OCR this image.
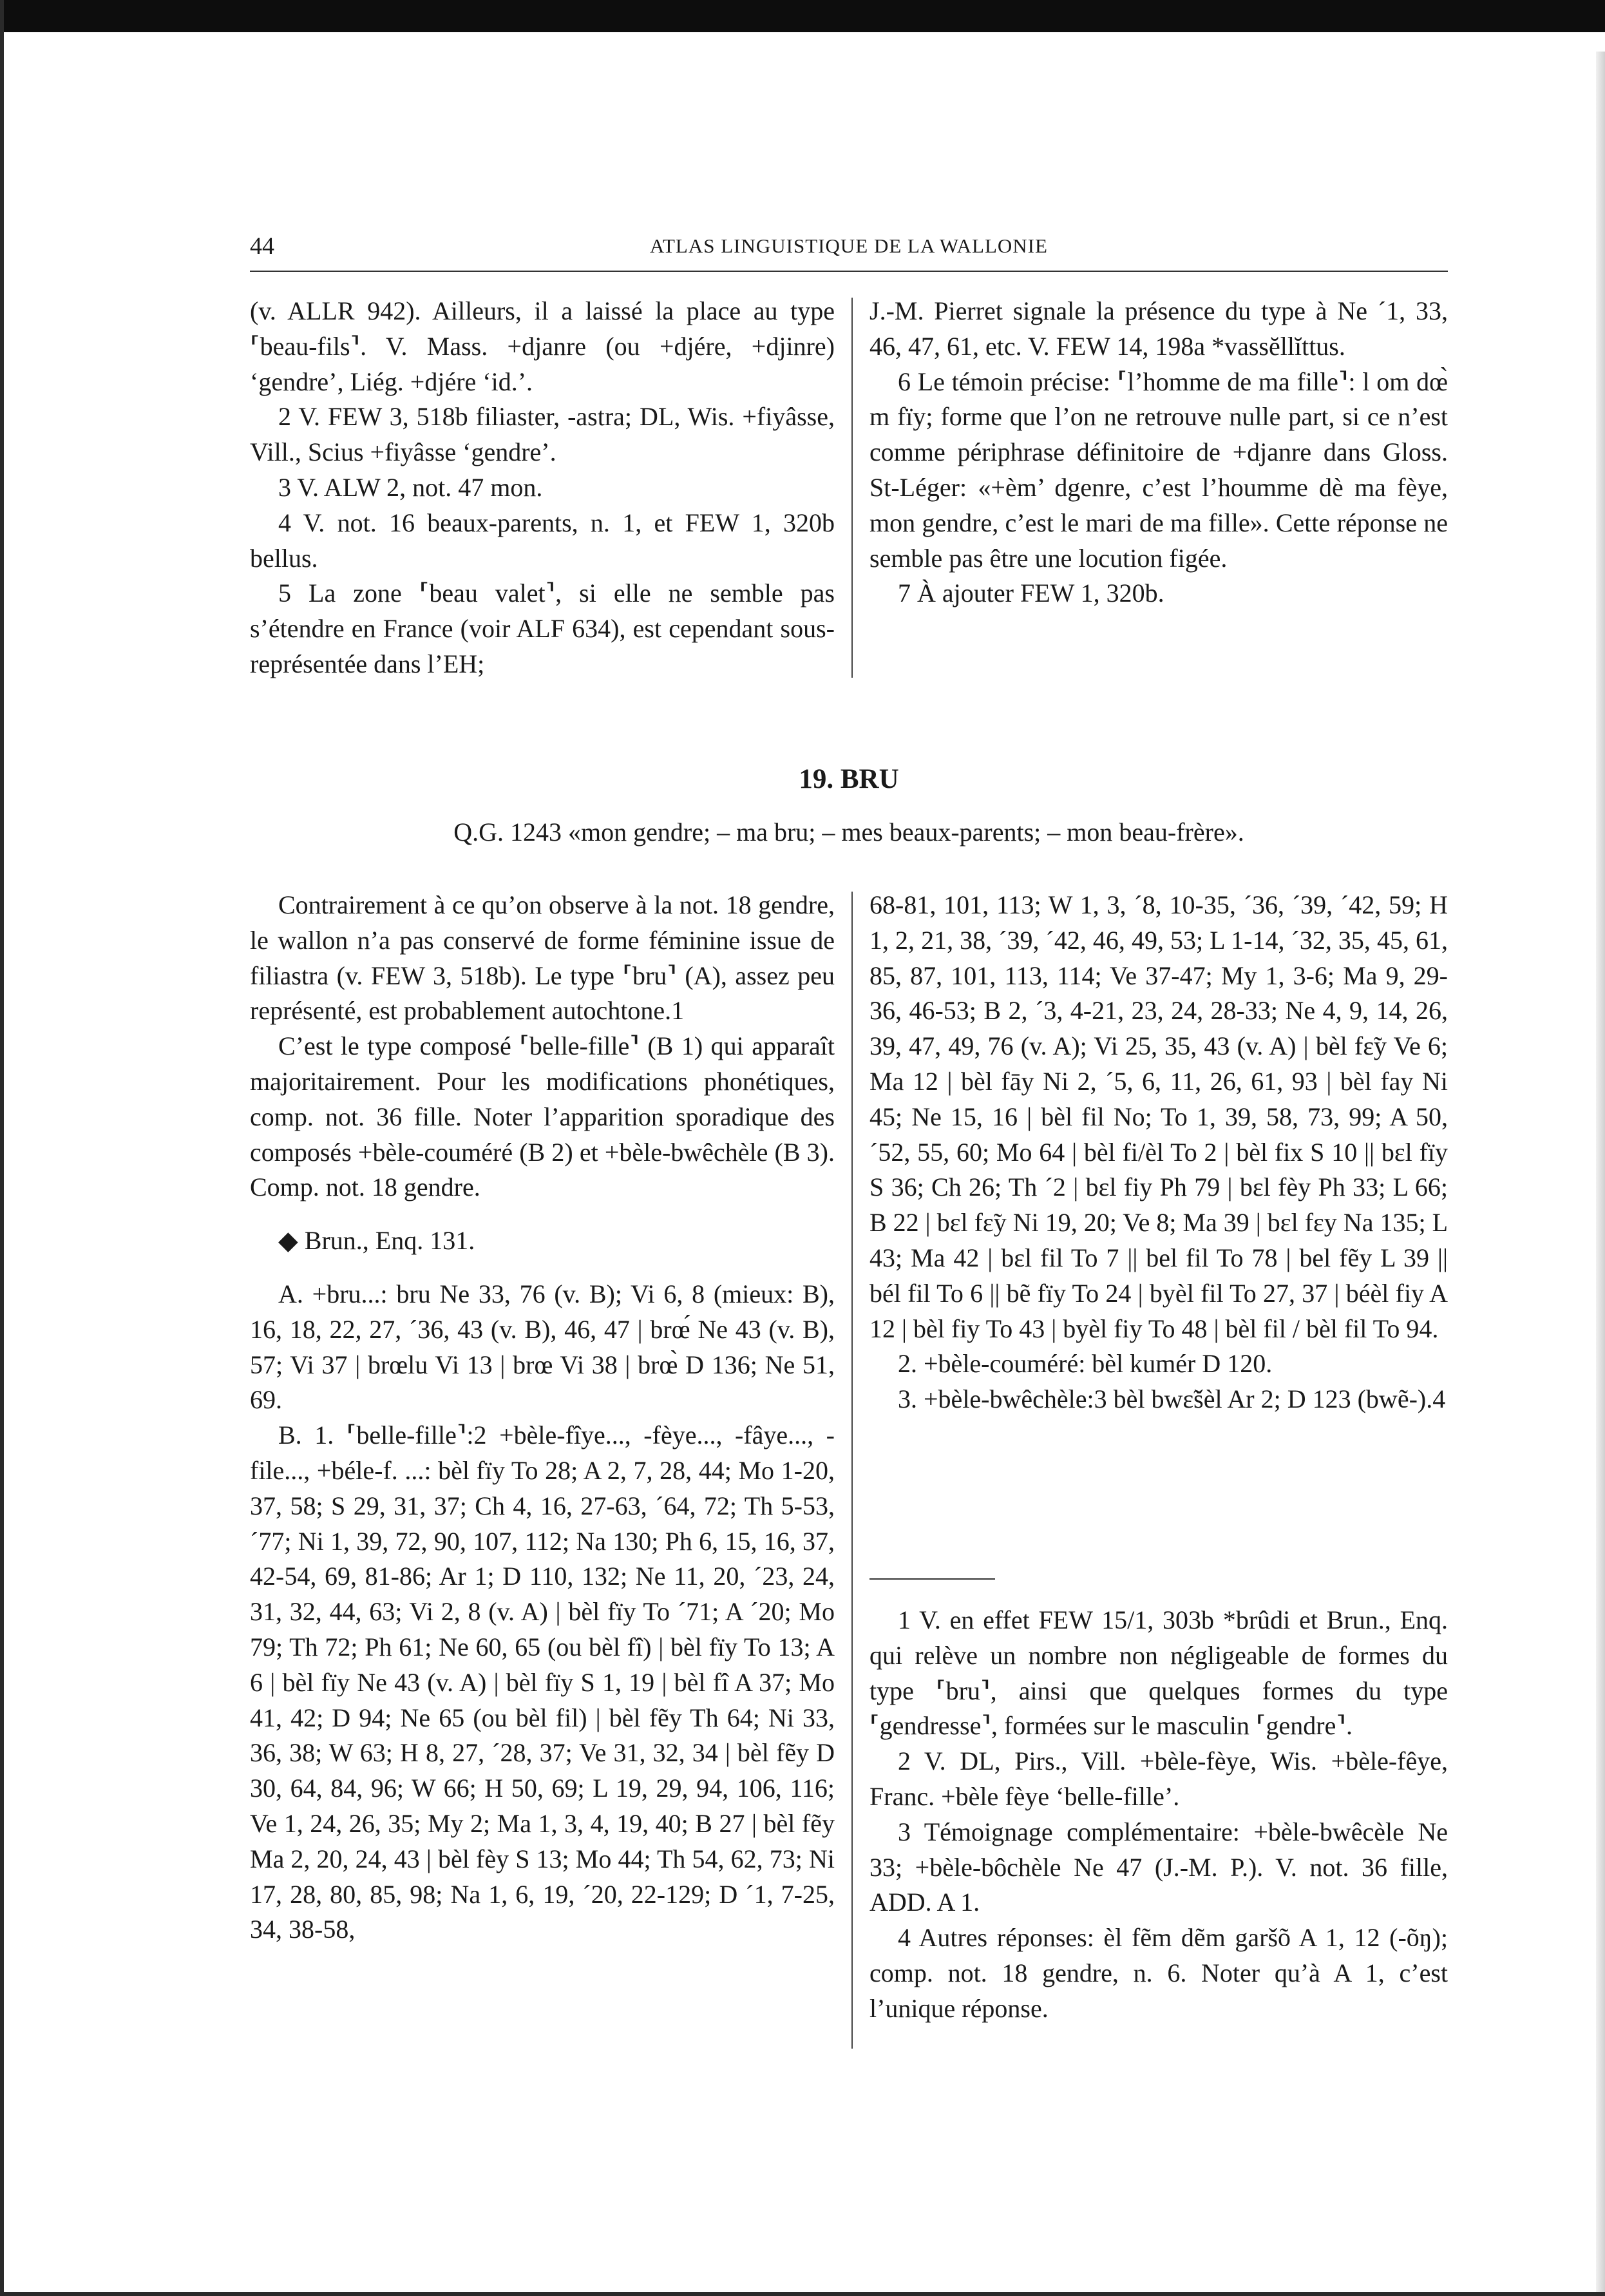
44	ATLAS LINGUISTIQUE DE LA WALLONIE

(v. ALLR 942). Ailleurs, il a laissé la place au type ⸢beau-fils⸣. V. Mass. +djanre (ou +djére, +djinre) ‘gendre’, Liég. +djére ‘id.’.

2 V. FEW 3, 518b filiaster, -astra; DL, Wis. +fiyâsse, Vill., Scius +fiyâsse ‘gendre’.

3 V. ALW 2, not. 47 mon.

4 V. not. 16 beaux-parents, n. 1, et FEW 1, 320b bellus.

5 La zone ⸢beau valet⸣, si elle ne semble pas s’étendre en France (voir ALF 634), est cependant sous-représentée dans l’EH;

J.-M. Pierret signale la présence du type à Ne ´1, 33, 46, 47, 61, etc. V. FEW 14, 198a *vassĕllĭttus.

6 Le témoin précise: ⸢l’homme de ma fille⸣: l om dœ̀ m fïy; forme que l’on ne retrouve nulle part, si ce n’est comme périphrase définitoire de +djanre dans Gloss. St-Léger: «+èm’ dgenre, c’est l’houmme dè ma fèye, mon gendre, c’est le mari de ma fille». Cette réponse ne semble pas être une locution figée.

7 À ajouter FEW 1, 320b.

19. BRU
Q.G. 1243 «mon gendre; – ma bru; – mes beaux-parents; – mon beau-frère».

Contrairement à ce qu’on observe à la not. 18 gendre, le wallon n’a pas conservé de forme féminine issue de filiastra (v. FEW 3, 518b). Le type ⸢bru⸣ (A), assez peu représenté, est probablement autochtone.1

C’est le type composé ⸢belle-fille⸣ (B 1) qui apparaît majoritairement. Pour les modifications phonétiques, comp. not. 36 fille. Noter l’apparition sporadique des composés +bèle-couméré (B 2) et +bèle-bwêchèle (B 3). Comp. not. 18 gendre.

◆ Brun., Enq. 131.

A. +bru...: bru Ne 33, 76 (v. B); Vi 6, 8 (mieux: B), 16, 18, 22, 27, ´36, 43 (v. B), 46, 47 | brœ́ Ne 43 (v. B), 57; Vi 37 | brœlu Vi 13 | brœ Vi 38 | brœ̀ D 136; Ne 51, 69.

B. 1. ⸢belle-fille⸣:2 +bèle-fîye..., -fèye..., -fâye..., -file..., +béle-f. ...: bèl fïy To 28; A 2, 7, 28, 44; Mo 1-20, 37, 58; S 29, 31, 37; Ch 4, 16, 27-63, ´64, 72; Th 5-53, ´77; Ni 1, 39, 72, 90, 107, 112; Na 130; Ph 6, 15, 16, 37, 42-54, 69, 81-86; Ar 1; D 110, 132; Ne 11, 20, ´23, 24, 31, 32, 44, 63; Vi 2, 8 (v. A) | bèl fïy To ´71; A ´20; Mo 79; Th 72; Ph 61; Ne 60, 65 (ou bèl fî) | bèl fïy To 13; A 6 | bèl fïy Ne 43 (v. A) | bèl fïy S 1, 19 | bèl fî A 37; Mo 41, 42; D 94; Ne 65 (ou bèl fil) | bèl fẽy Th 64; Ni 33, 36, 38; W 63; H 8, 27, ´28, 37; Ve 31, 32, 34 | bèl fẽy D 30, 64, 84, 96; W 66; H 50, 69; L 19, 29, 94, 106, 116; Ve 1, 24, 26, 35; My 2; Ma 1, 3, 4, 19, 40; B 27 | bèl fẽy Ma 2, 20, 24, 43 | bèl fèy S 13; Mo 44; Th 54, 62, 73; Ni 17, 28, 80, 85, 98; Na 1, 6, 19, ´20, 22-129; D ´1, 7-25, 34, 38-58,

68-81, 101, 113; W 1, 3, ´8, 10-35, ´36, ´39, ´42, 59; H 1, 2, 21, 38, ´39, ´42, 46, 49, 53; L 1-14, ´32, 35, 45, 61, 85, 87, 101, 113, 114; Ve 37-47; My 1, 3-6; Ma 9, 29-36, 46-53; B 2, ´3, 4-21, 23, 24, 28-33; Ne 4, 9, 14, 26, 39, 47, 49, 76 (v. A); Vi 25, 35, 43 (v. A) | bèl fɛ̃y Ve 6; Ma 12 | bèl fāy Ni 2, ´5, 6, 11, 26, 61, 93 | bèl fay Ni 45; Ne 15, 16 | bèl fil No; To 1, 39, 58, 73, 99; A 50, ´52, 55, 60; Mo 64 | bèl fi/èl To 2 | bèl fix S 10 || bɛl fïy S 36; Ch 26; Th ´2 | bɛl fiy Ph 79 | bɛl fèy Ph 33; L 66; B 22 | bɛl fɛ̃y Ni 19, 20; Ve 8; Ma 39 | bɛl fɛy Na 135; L 43; Ma 42 | bɛl fil To 7 || bel fil To 78 | bel fẽy L 39 || bél fil To 6 || bẽ fïy To 24 | byèl fil To 27, 37 | béèl fiy A 12 | bèl fiy To 43 | byèl fiy To 48 | bèl fil / bèl fil To 94.

2. +bèle-couméré: bèl kumér D 120.

3. +bèle-bwêchèle:3 bèl bwɛ̃šèl Ar 2; D 123 (bwẽ-).4

1 V. en effet FEW 15/1, 303b *brûdi et Brun., Enq. qui relève un nombre non négligeable de formes du type ⸢bru⸣, ainsi que quelques formes du type ⸢gendresse⸣, formées sur le masculin ⸢gendre⸣.

2 V. DL, Pirs., Vill. +bèle-fèye, Wis. +bèle-fêye, Franc. +bèle fèye ‘belle-fille’.

3 Témoignage complémentaire: +bèle-bwêcèle Ne 33; +bèle-bôchèle Ne 47 (J.-M. P.). V. not. 36 fille, ADD. A 1.

4 Autres réponses: èl fẽm dẽm garšõ A 1, 12 (-õŋ); comp. not. 18 gendre, n. 6. Noter qu’à A 1, c’est l’unique réponse.
